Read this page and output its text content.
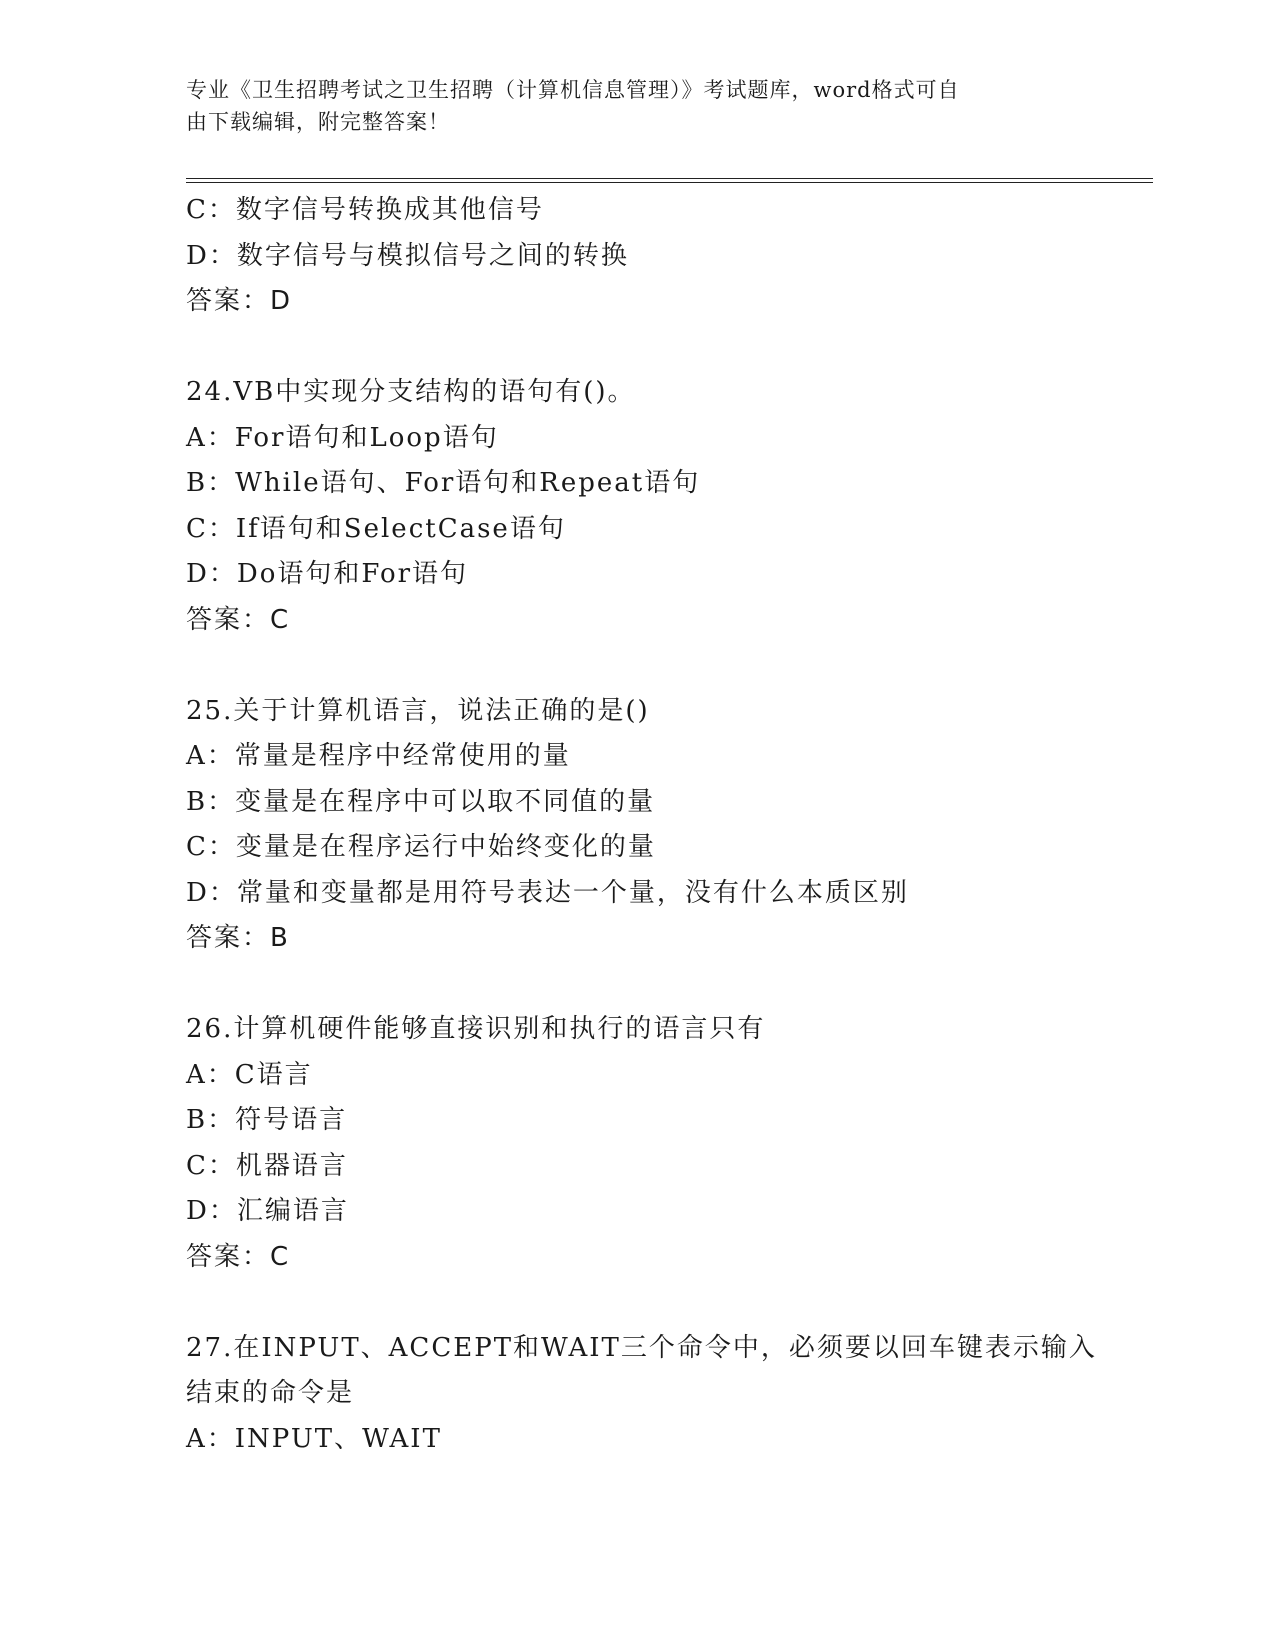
专业《卫生招聘考试之卫生招聘（计算机信息管理）》考试题库，word格式可自
由下载编辑，附完整答案！
C：数字信号转换成其他信号
D：数字信号与模拟信号之间的转换
答案：D
24.VB中实现分支结构的语句有()。
A：For语句和Loop语句
B：While语句、For语句和Repeat语句
C：If语句和SelectCase语句
D：Do语句和For语句
答案：C
25.关于计算机语言，说法正确的是()
A：常量是程序中经常使用的量
B：变量是在程序中可以取不同值的量
C：变量是在程序运行中始终变化的量
D：常量和变量都是用符号表达一个量，没有什么本质区别
答案：B
26.计算机硬件能够直接识别和执行的语言只有
A：C语言
B：符号语言
C：机器语言
D：汇编语言
答案：C
27.在INPUT、ACCEPT和WAIT三个命令中，必须要以回车键表示输入
结束的命令是
A：INPUT、WAIT
